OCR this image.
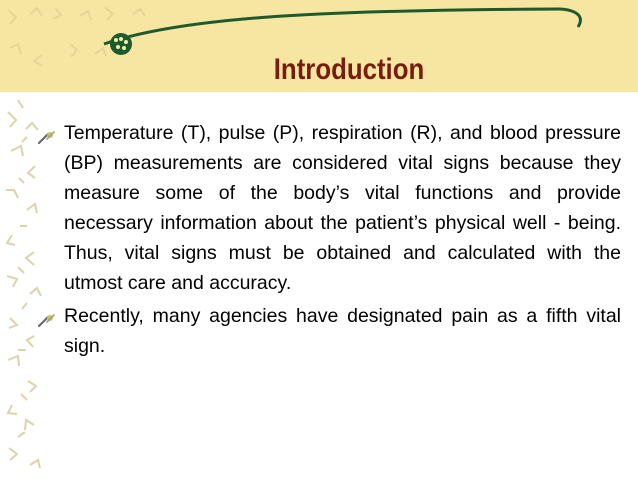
Introduction
Temperature (T), pulse (P), respiration (R), and blood pressure (BP) measurements are considered vital signs because they measure some of the body’s vital functions and provide necessary information about the patient’s physical well - being. Thus, vital signs must be obtained and calculated with the utmost care and accuracy.
Recently, many agencies have designated pain as a fifth vital sign.
